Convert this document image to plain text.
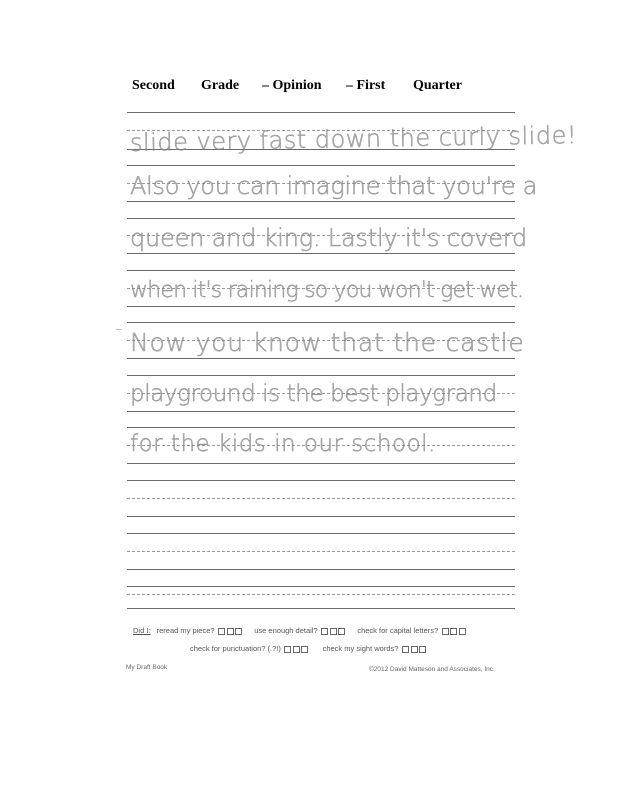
Second Grade – Opinion – First Quarter
–
slide very fast down the curly slide!
Also you can imagine that you're a
queen and king. Lastly it's coverd
when it's raining so you won't get wet.
Now you know that the castle
playground is the best playgrand
for the kids in our school.
Did I: reread my piece?	use enough detail?	check for capital letters?
check for punctuation? (.?!)	check my sight words?
My Draft Book	©2012 David Matteson and Associates, Inc.
